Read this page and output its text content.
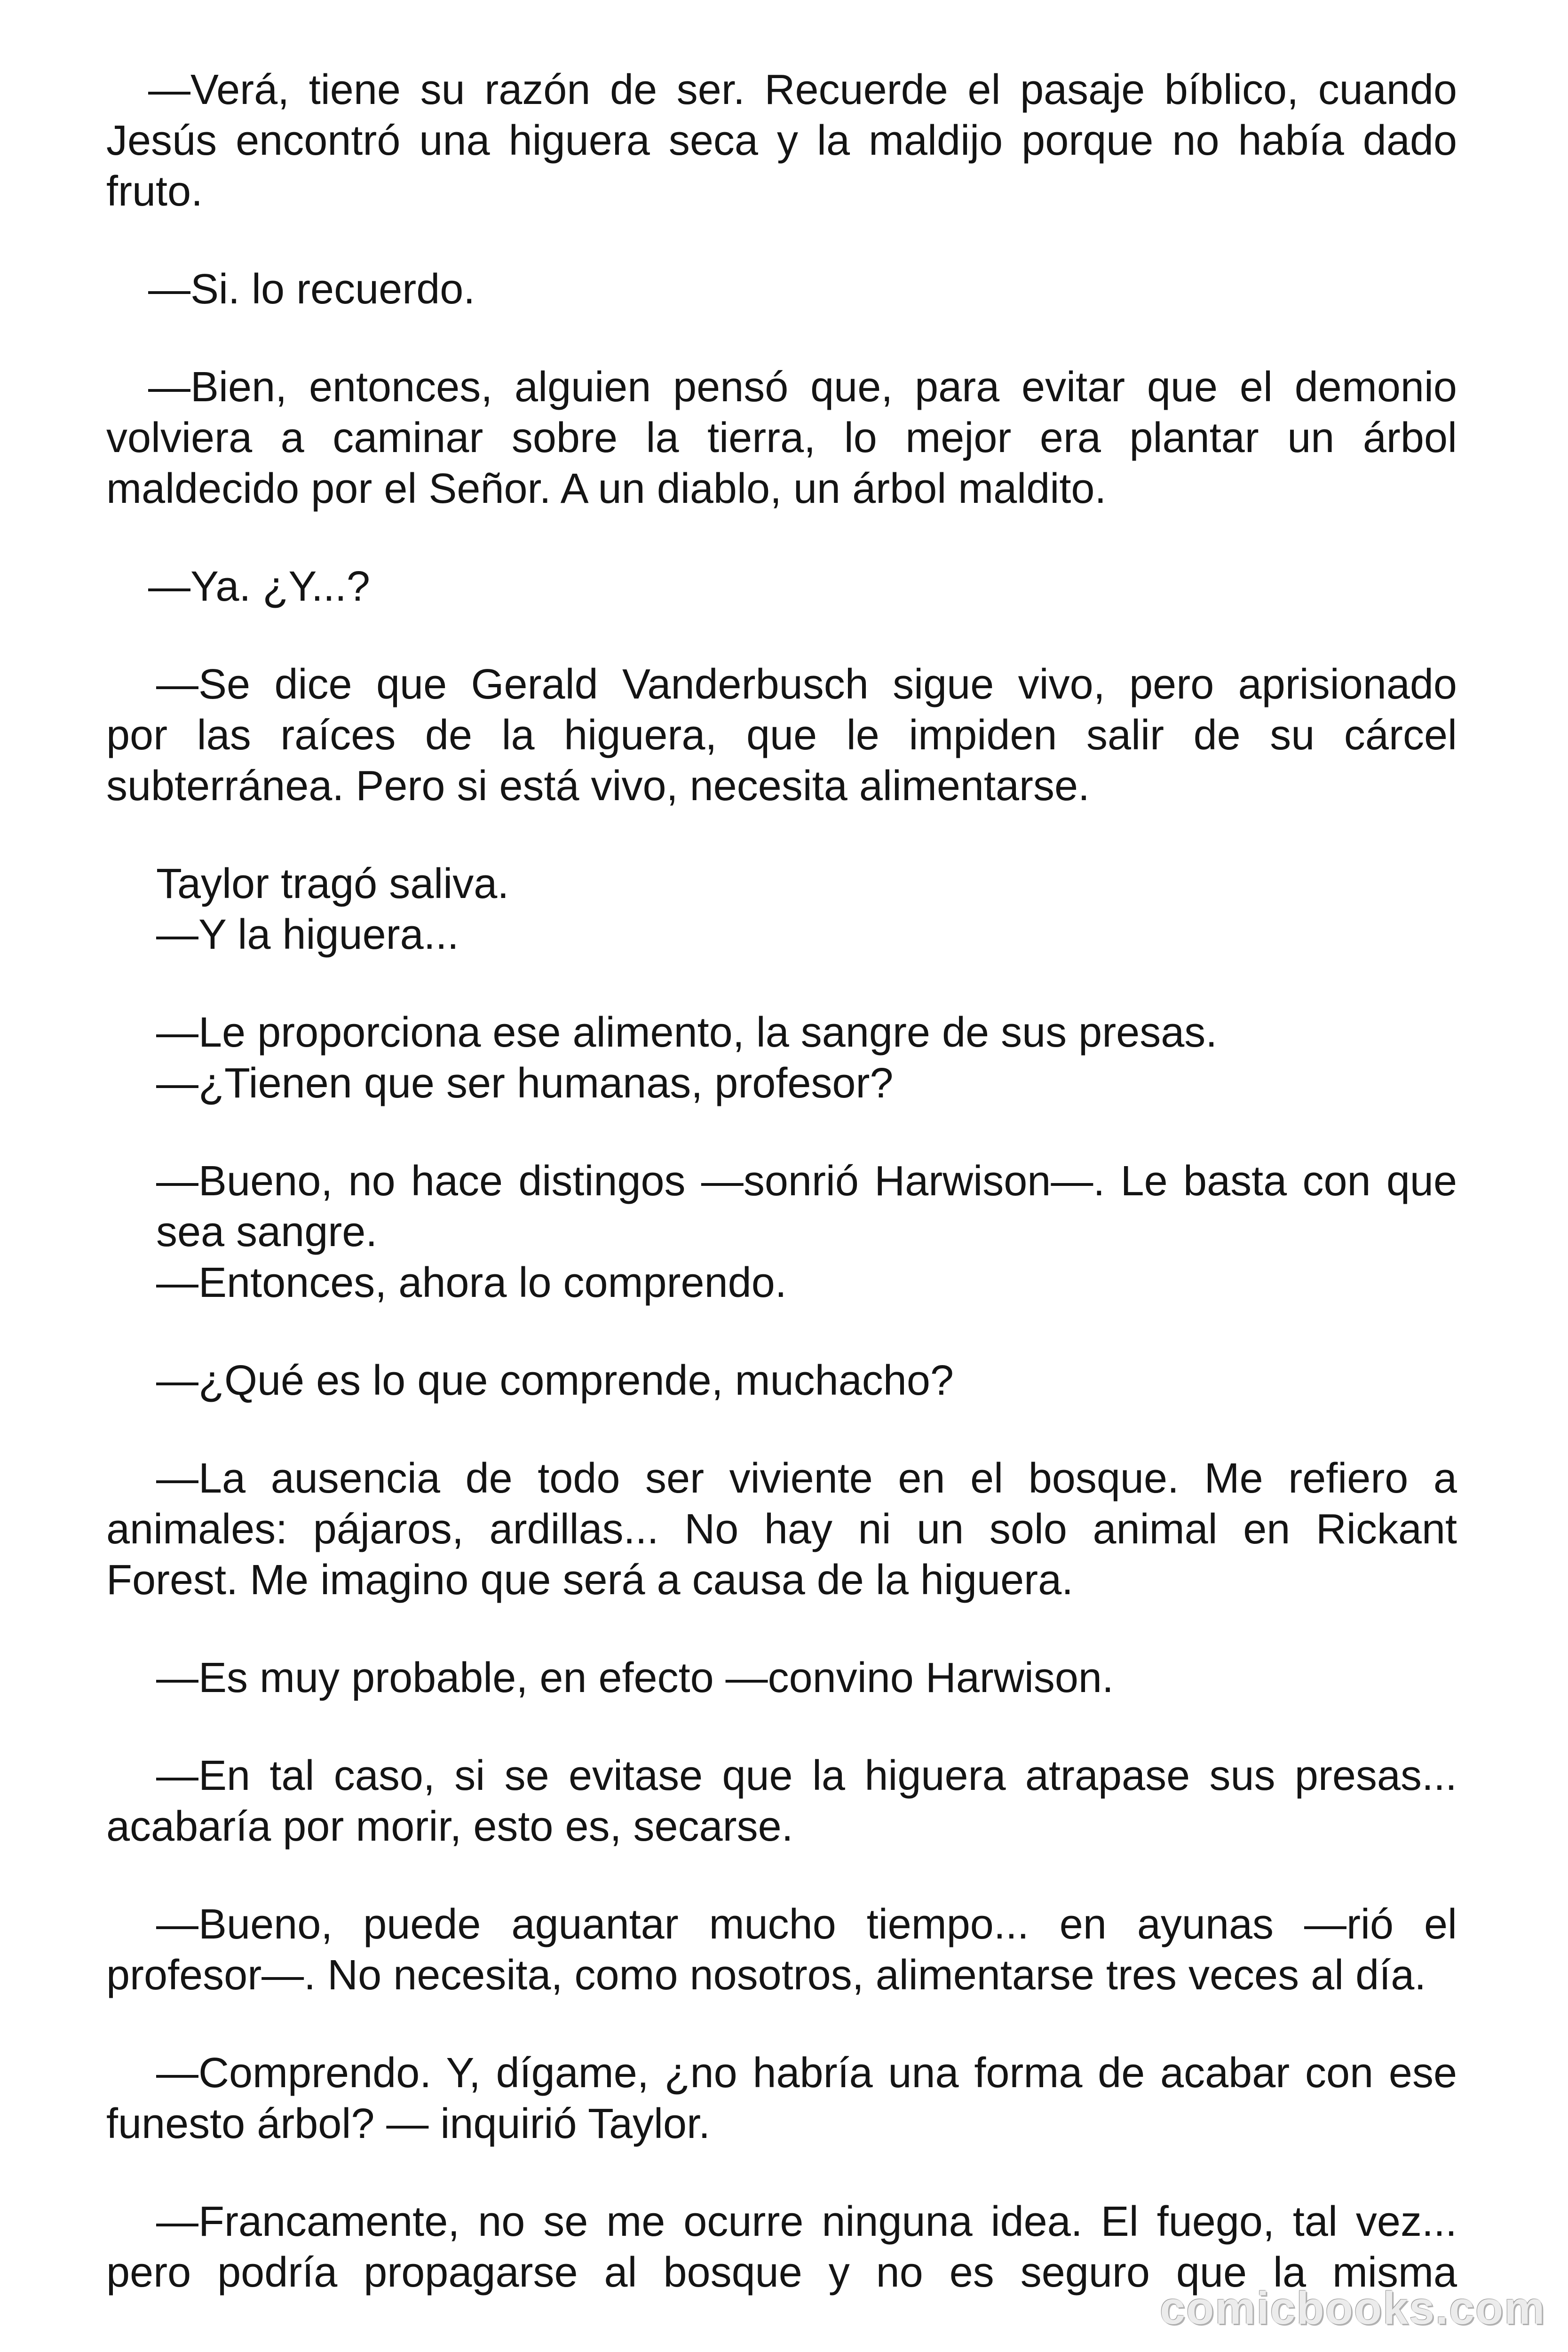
—Verá, tiene su razón de ser. Recuerde el pasaje bíblico, cuando
Jesús encontró una higuera seca y la maldijo porque no había dado
fruto.
—Si. lo recuerdo.
—Bien, entonces, alguien pensó que, para evitar que el demonio
volviera a caminar sobre la tierra, lo mejor era plantar un árbol
maldecido por el Señor. A un diablo, un árbol maldito.
—Ya. ¿Y...?
—Se dice que Gerald Vanderbusch sigue vivo, pero aprisionado
por las raíces de la higuera, que le impiden salir de su cárcel
subterránea. Pero si está vivo, necesita alimentarse.
Taylor tragó saliva.
—Y la higuera...
—Le proporciona ese alimento, la sangre de sus presas.
—¿Tienen que ser humanas, profesor?
—Bueno, no hace distingos —sonrió Harwison—. Le basta con que
sea sangre.
—Entonces, ahora lo comprendo.
—¿Qué es lo que comprende, muchacho?
—La ausencia de todo ser viviente en el bosque. Me refiero a
animales: pájaros, ardillas... No hay ni un solo animal en Rickant
Forest. Me imagino que será a causa de la higuera.
—Es muy probable, en efecto —convino Harwison.
—En tal caso, si se evitase que la higuera atrapase sus presas...
acabaría por morir, esto es, secarse.
—Bueno, puede aguantar mucho tiempo... en ayunas —rió el
profesor—. No necesita, como nosotros, alimentarse tres veces al día.
—Comprendo. Y, dígame, ¿no habría una forma de acabar con ese
funesto árbol? — inquirió Taylor.
—Francamente, no se me ocurre ninguna idea. El fuego, tal vez...
pero podría propagarse al bosque y no es seguro que la misma
comicbooks.com
